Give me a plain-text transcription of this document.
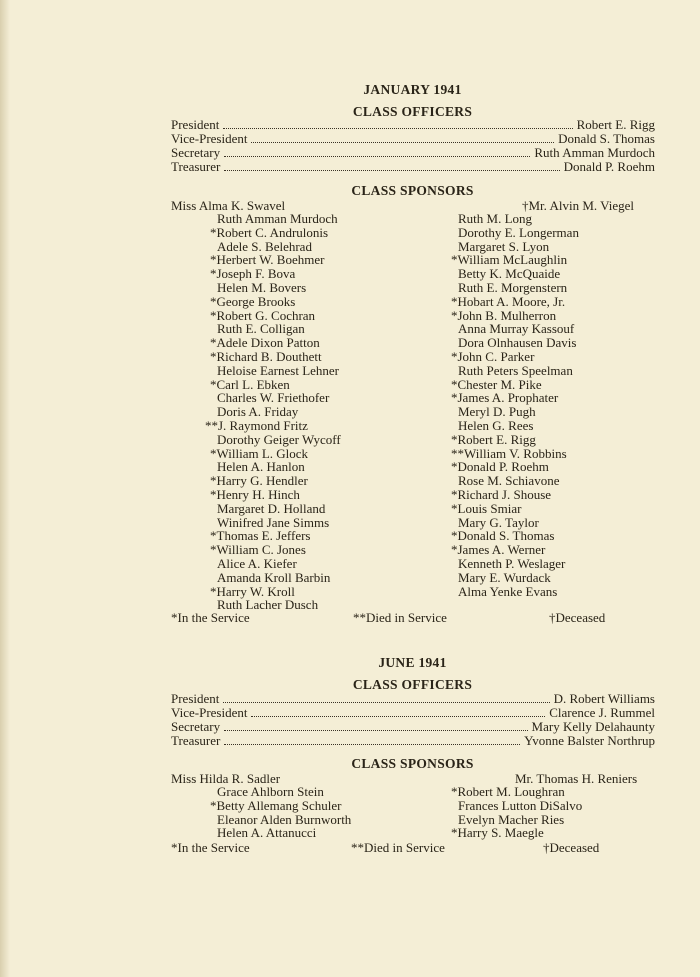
JANUARY 1941
CLASS OFFICERS
President	Robert E. Rigg
Vice-President	Donald S. Thomas
Secretary	Ruth Amman Murdoch
Treasurer	Donald P. Roehm
CLASS SPONSORS
Miss Alma K. Swavel	†Mr. Alvin M. Viegel
Ruth Amman Murdoch
*Robert C. Andrulonis
Adele S. Belehrad
*Herbert W. Boehmer
*Joseph F. Bova
Helen M. Bovers
*George Brooks
*Robert G. Cochran
Ruth E. Colligan
*Adele Dixon Patton
*Richard B. Douthett
Heloise Earnest Lehner
*Carl L. Ebken
Charles W. Friethofer
Doris A. Friday
**J. Raymond Fritz
Dorothy Geiger Wycoff
*William L. Glock
Helen A. Hanlon
*Harry G. Hendler
*Henry H. Hinch
Margaret D. Holland
Winifred Jane Simms
*Thomas E. Jeffers
*William C. Jones
Alice A. Kiefer
Amanda Kroll Barbin
*Harry W. Kroll
Ruth Lacher Dusch
Ruth M. Long
Dorothy E. Longerman
Margaret S. Lyon
*William McLaughlin
Betty K. McQuaide
Ruth E. Morgenstern
*Hobart A. Moore, Jr.
*John B. Mulherron
Anna Murray Kassouf
Dora Olnhausen Davis
*John C. Parker
Ruth Peters Speelman
*Chester M. Pike
*James A. Prophater
Meryl D. Pugh
Helen G. Rees
*Robert E. Rigg
**William V. Robbins
*Donald P. Roehm
Rose M. Schiavone
*Richard J. Shouse
*Louis Smiar
Mary G. Taylor
*Donald S. Thomas
*James A. Werner
Kenneth P. Weslager
Mary E. Wurdack
Alma Yenke Evans
*In the Service	**Died in Service	†Deceased
JUNE 1941
CLASS OFFICERS
President	D. Robert Williams
Vice-President	Clarence J. Rummel
Secretary	Mary Kelly Delahaunty
Treasurer	Yvonne Balster Northrup
CLASS SPONSORS
Miss Hilda R. Sadler	Mr. Thomas H. Reniers
Grace Ahlborn Stein
*Betty Allemang Schuler
Eleanor Alden Burnworth
Helen A. Attanucci
*Robert M. Loughran
Frances Lutton DiSalvo
Evelyn Macher Ries
*Harry S. Maegle
*In the Service	**Died in Service	†Deceased
